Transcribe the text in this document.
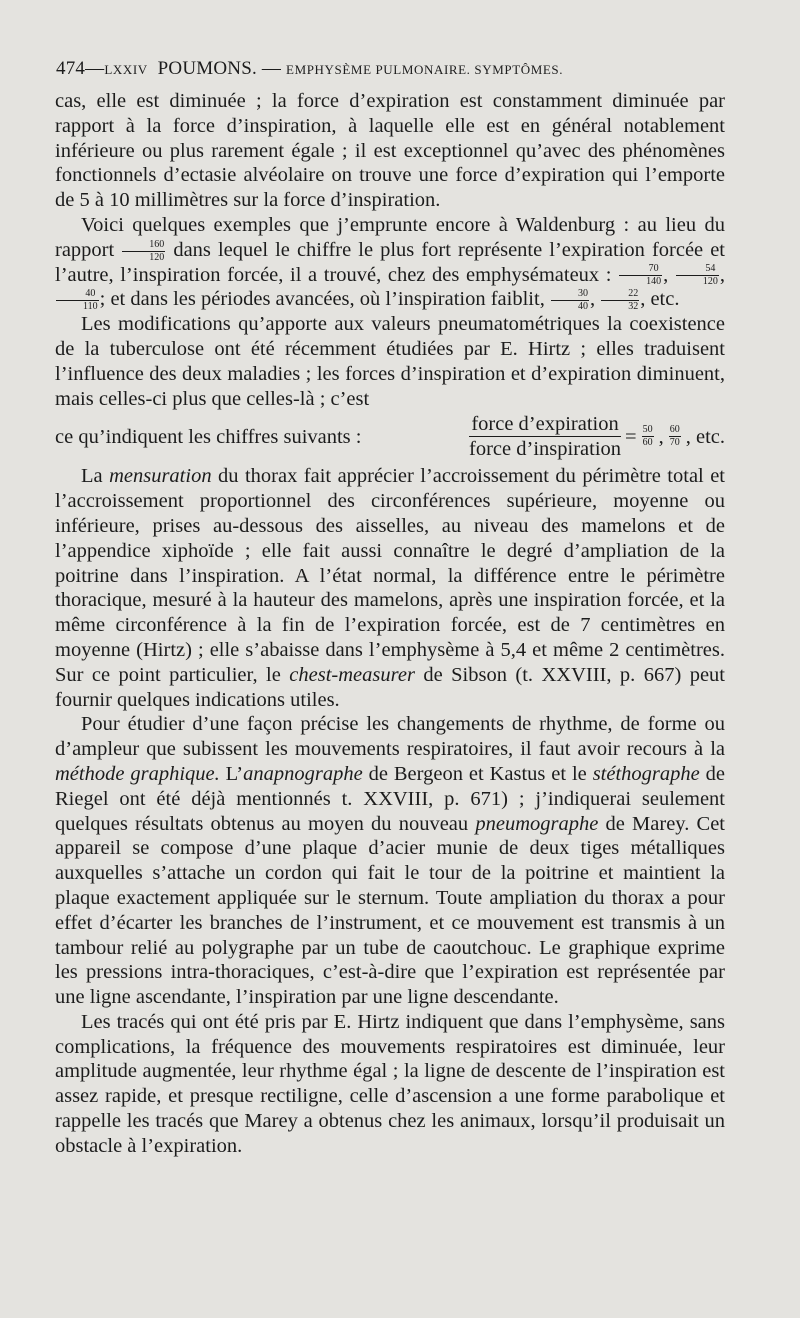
474—LXXIV POUMONS. — EMPHYSÈME PULMONAIRE. SYMPTÔMES.

cas, elle est diminuée ; la force d’expiration est constamment diminuée par rapport à la force d’inspiration, à laquelle elle est en général notablement inférieure ou plus rarement égale ; il est exceptionnel qu’avec des phénomènes fonctionnels d’ectasie alvéolaire on trouve une force d’expiration qui l’emporte de 5 à 10 millimètres sur la force d’inspiration.

Voici quelques exemples que j’emprunte encore à Waldenburg : au lieu du rapport $\frac{160}{120}$ dans lequel le chiffre le plus fort représente l’expiration forcée et l’autre, l’inspiration forcée, il a trouvé, chez des emphysémateux : $\frac{70}{140}$ , $\frac{54}{120}$ ,
$\frac{40}{110}$ ; et dans les périodes avancées, où l’inspiration faiblit, $\frac{30}{40}$ , $\frac{22}{32}$ , etc.

Les modifications qu’apporte aux valeurs pneumatométriques la coexistence de la tuberculose ont été récemment étudiées par E. Hirtz ; elles traduisent l’influence des deux maladies ; les forces d’inspiration et d’expiration diminuent, mais celles-ci plus que celles-là ; c’est

ce qu’indiquent les chiffres suivants :	$\frac{\text{force d’expiration}}{\text{force d’inspiration}} = \frac{50}{60}$ , $\frac{60}{70}$ , etc.

La mensuration du thorax fait apprécier l’accroissement du périmètre total et l’accroissement proportionnel des circonférences supérieure, moyenne ou inférieure, prises au-dessous des aisselles, au niveau des mamelons et de l’appendice xiphoïde ; elle fait aussi connaître le degré d’ampliation de la poitrine dans l’inspiration. A l’état normal, la différence entre le périmètre thoracique, mesuré à la hauteur des mamelons, après une inspiration forcée, et la même circonférence à la fin de l’expiration forcée, est de 7 centimètres en moyenne (Hirtz) ; elle s’abaisse dans l’emphysème à 5,4 et même 2 centimètres. Sur ce point particulier, le chest-measurer de Sibson (t. XXVIII, p. 667) peut fournir quelques indications utiles.

Pour étudier d’une façon précise les changements de rhythme, de forme ou d’ampleur que subissent les mouvements respiratoires, il faut avoir recours à la méthode graphique. L’anapnographe de Bergeon et Kastus et le stéthographe de Riegel ont été déjà mentionnés t. XXVIII, p. 671) ; j’indiquerai seulement quelques résultats obtenus au moyen du nouveau pneumographe de Marey. Cet appareil se compose d’une plaque d’acier munie de deux tiges métalliques auxquelles s’attache un cordon qui fait le tour de la poitrine et maintient la plaque exactement appliquée sur le sternum. Toute ampliation du thorax a pour effet d’écarter les branches de l’instrument, et ce mouvement est transmis à un tambour relié au polygraphe par un tube de caoutchouc. Le graphique exprime les pressions intra-thoraciques, c’est-à-dire que l’expiration est représentée par une ligne ascendante, l’inspiration par une ligne descendante.

Les tracés qui ont été pris par E. Hirtz indiquent que dans l’emphysème, sans complications, la fréquence des mouvements respiratoires est diminuée, leur amplitude augmentée, leur rhythme égal ; la ligne de descente de l’inspiration est assez rapide, et presque rectiligne, celle d’ascension a une forme parabolique et rappelle les tracés que Marey a obtenus chez les animaux, lorsqu’il produisait un obstacle à l’expiration.
